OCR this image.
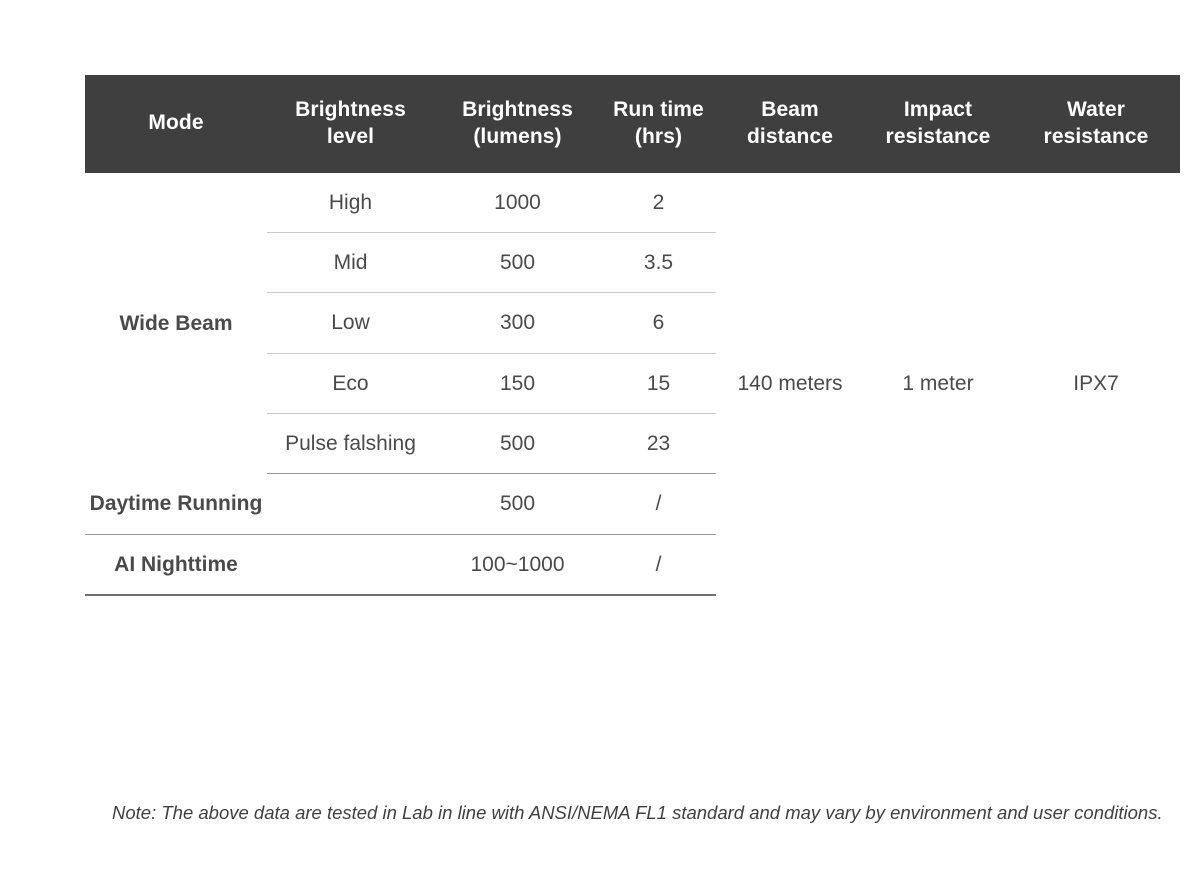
Mode	Brightness level	Brightness (lumens)	Run time (hrs)	Beam distance	Impact resistance	Water resistance
Wide Beam	High	1000	2	140 meters	1 meter	IPX7
	Mid	500	3.5			
	Low	300	6			
	Eco	150	15			
	Pulse falshing	500	23			
Daytime Running		500	/			
AI Nighttime		100~1000	/			
Note: The above data are tested in Lab in line with ANSI/NEMA FL1 standard and may vary by environment and user conditions.
